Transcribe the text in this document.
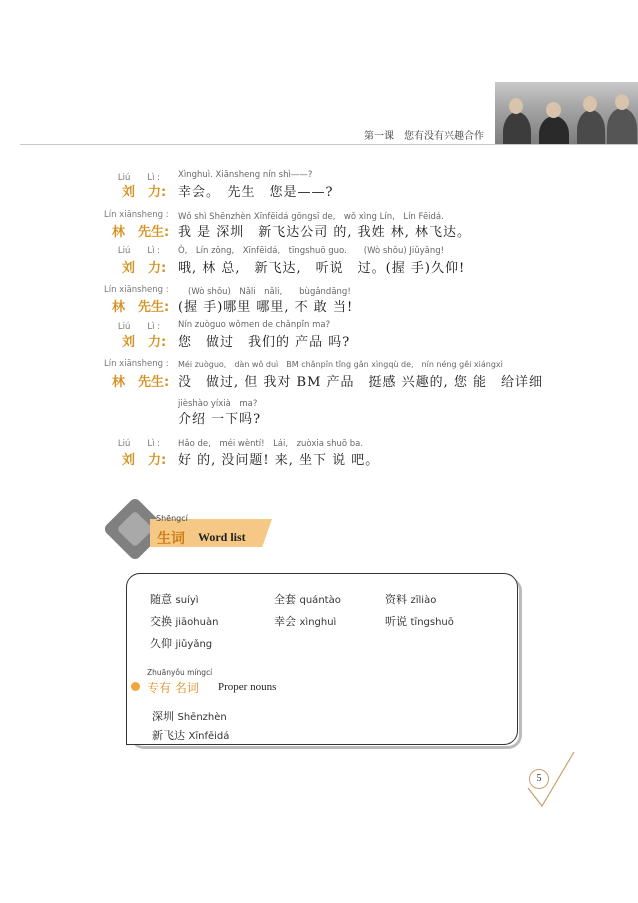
第一课　您有没有兴趣合作
Liú　　Lì :
刘　力:
Xìnghuì. Xiānsheng nín shì——?
幸会。　先生　您是——?
Lín xiānsheng :
林　先生:
Wǒ shì Shēnzhèn Xīnfēidá gōngsī de,　wǒ xìng Lín,　Lín Fēidá.
我 是 深圳　新飞达公司 的, 我姓 林, 林飞达。
Liú　　Lì :
刘　力:
Ò,　Lín zǒng,　Xīnfēidá,　tīngshuō guo.　　(Wò shǒu) Jiǔyǎng!
哦, 林 总,　新飞达,　听说　过。(握 手)久仰!
Lín xiānsheng :
林　先生:
(Wò shǒu)　Nǎli　nǎli,　　bùgǎndāng!
(握 手)哪里 哪里, 不 敢 当!
Liú　　Lì :
刘　力:
Nín zuòguo wǒmen de chǎnpǐn ma?
您　做过　我们的 产品 吗?
Lín xiānsheng :
林　先生:
Méi zuòguo,　dàn wǒ duì　BM chǎnpǐn tǐng gǎn xìngqù de,　nín néng gěi xiángxì
没　做过, 但 我对 BM 产品　挺感 兴趣的, 您 能　给详细
jièshào yíxià　ma?
介绍 一下吗?
Liú　　Lì :
刘　力:
Hǎo de,　méi wèntí!　Lái,　zuòxia shuō ba.
好 的, 没问题! 来, 坐下 说 吧。
Shēngcí
生词 Word list
随意 suíyì	全套 quántào	资料 zīliào
交换 jiāohuàn	幸会 xìnghuì	听说 tīngshuō
久仰 jiǔyǎng
Zhuānyǒu míngcí
专有 名词 Proper nouns
深圳 Shēnzhèn
新飞达 Xīnfēidá
5
